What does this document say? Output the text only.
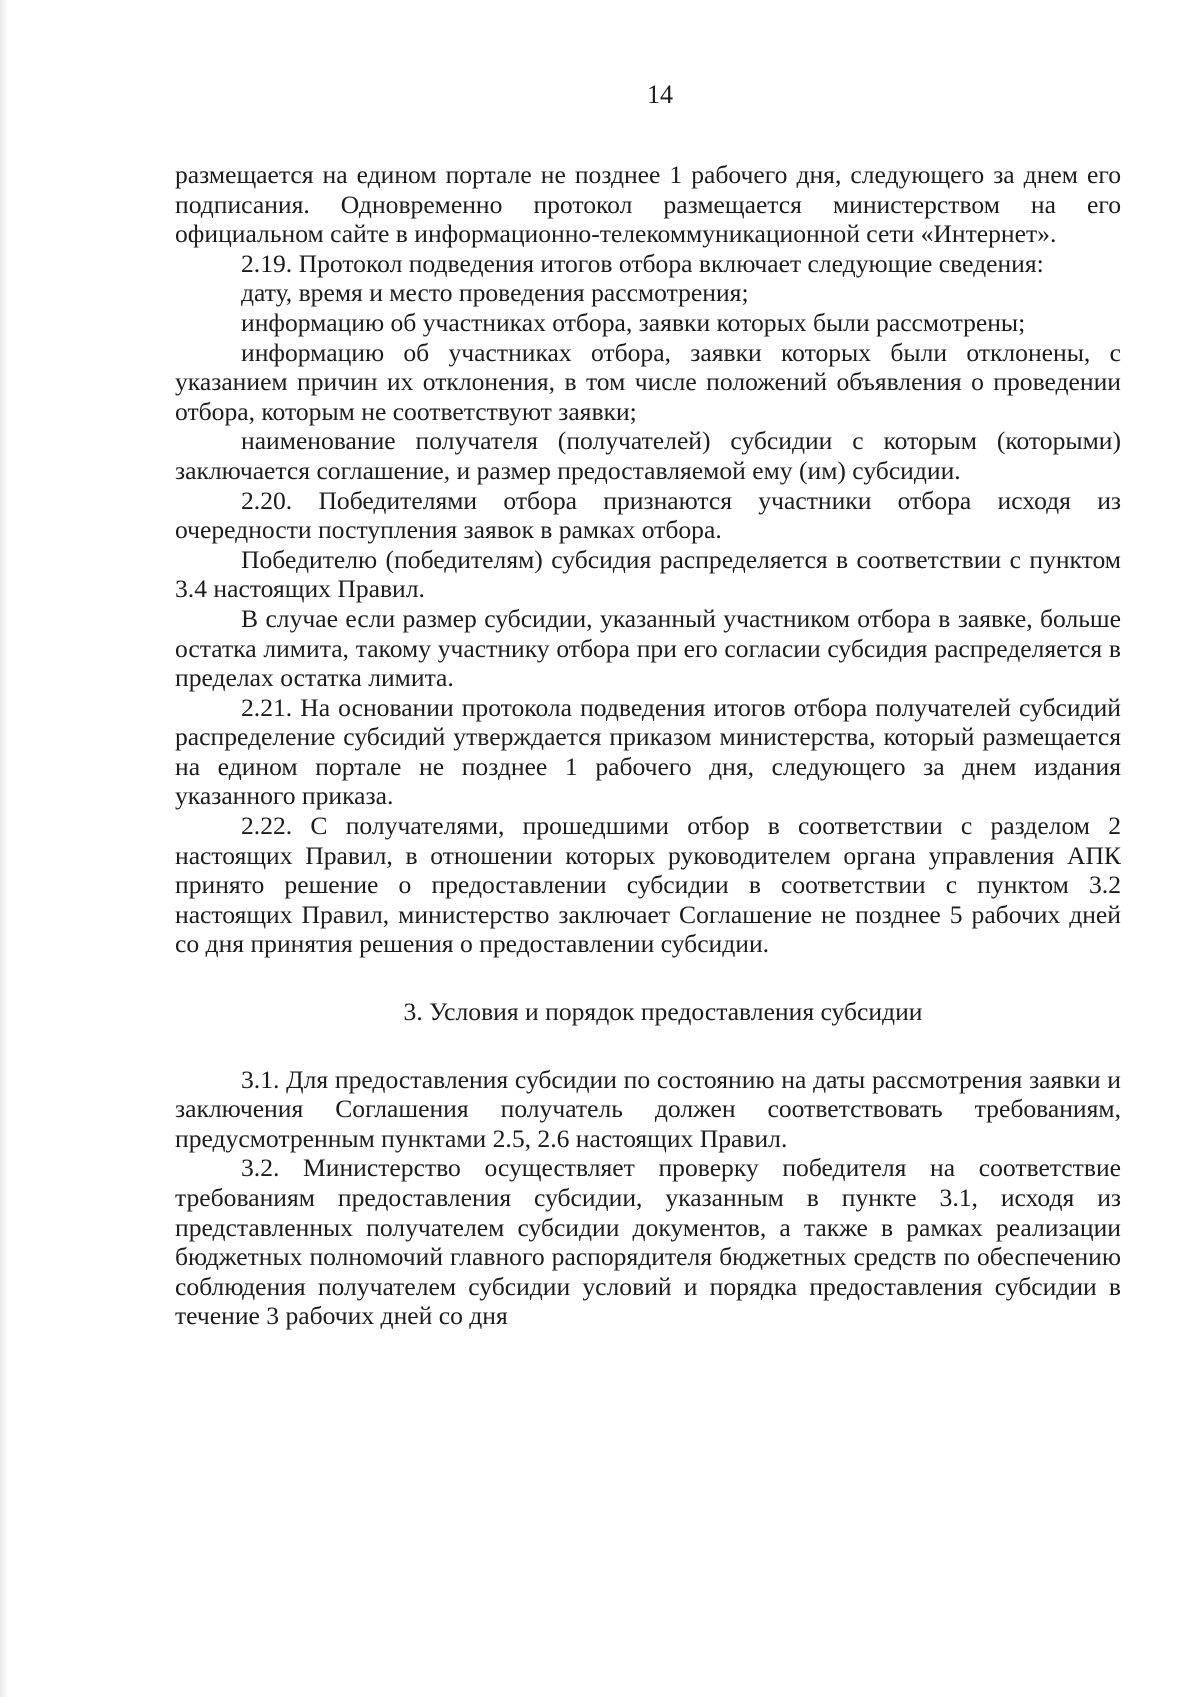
14

размещается на едином портале не позднее 1 рабочего дня, следующего за днем его подписания. Одновременно протокол размещается министерством на его официальном сайте в информационно-телекоммуникационной сети «Интернет».

2.19. Протокол подведения итогов отбора включает следующие сведения:

дату, время и место проведения рассмотрения;

информацию об участниках отбора, заявки которых были рассмотрены;

информацию об участниках отбора, заявки которых были отклонены, с указанием причин их отклонения, в том числе положений объявления о проведении отбора, которым не соответствуют заявки;

наименование получателя (получателей) субсидии с которым (которыми) заключается соглашение, и размер предоставляемой ему (им) субсидии.

2.20. Победителями отбора признаются участники отбора исходя из очередности поступления заявок в рамках отбора.

Победителю (победителям) субсидия распределяется в соответствии с пунктом 3.4 настоящих Правил.

В случае если размер субсидии, указанный участником отбора в заявке, больше остатка лимита, такому участнику отбора при его согласии субсидия распределяется в пределах остатка лимита.

2.21. На основании протокола подведения итогов отбора получателей субсидий распределение субсидий утверждается приказом министерства, который размещается на едином портале не позднее 1 рабочего дня, следующего за днем издания указанного приказа.

2.22. С получателями, прошедшими отбор в соответствии с разделом 2 настоящих Правил, в отношении которых руководителем органа управления АПК принято решение о предоставлении субсидии в соответствии с пунктом 3.2 настоящих Правил, министерство заключает Соглашение не позднее 5 рабочих дней со дня принятия решения о предоставлении субсидии.

3. Условия и порядок предоставления субсидии

3.1. Для предоставления субсидии по состоянию на даты рассмотрения заявки и заключения Соглашения получатель должен соответствовать требованиям, предусмотренным пунктами 2.5, 2.6 настоящих Правил.

3.2. Министерство осуществляет проверку победителя на соответствие требованиям предоставления субсидии, указанным в пункте 3.1, исходя из представленных получателем субсидии документов, а также в рамках реализации бюджетных полномочий главного распорядителя бюджетных средств по обеспечению соблюдения получателем субсидии условий и порядка предоставления субсидии в течение 3 рабочих дней со дня
